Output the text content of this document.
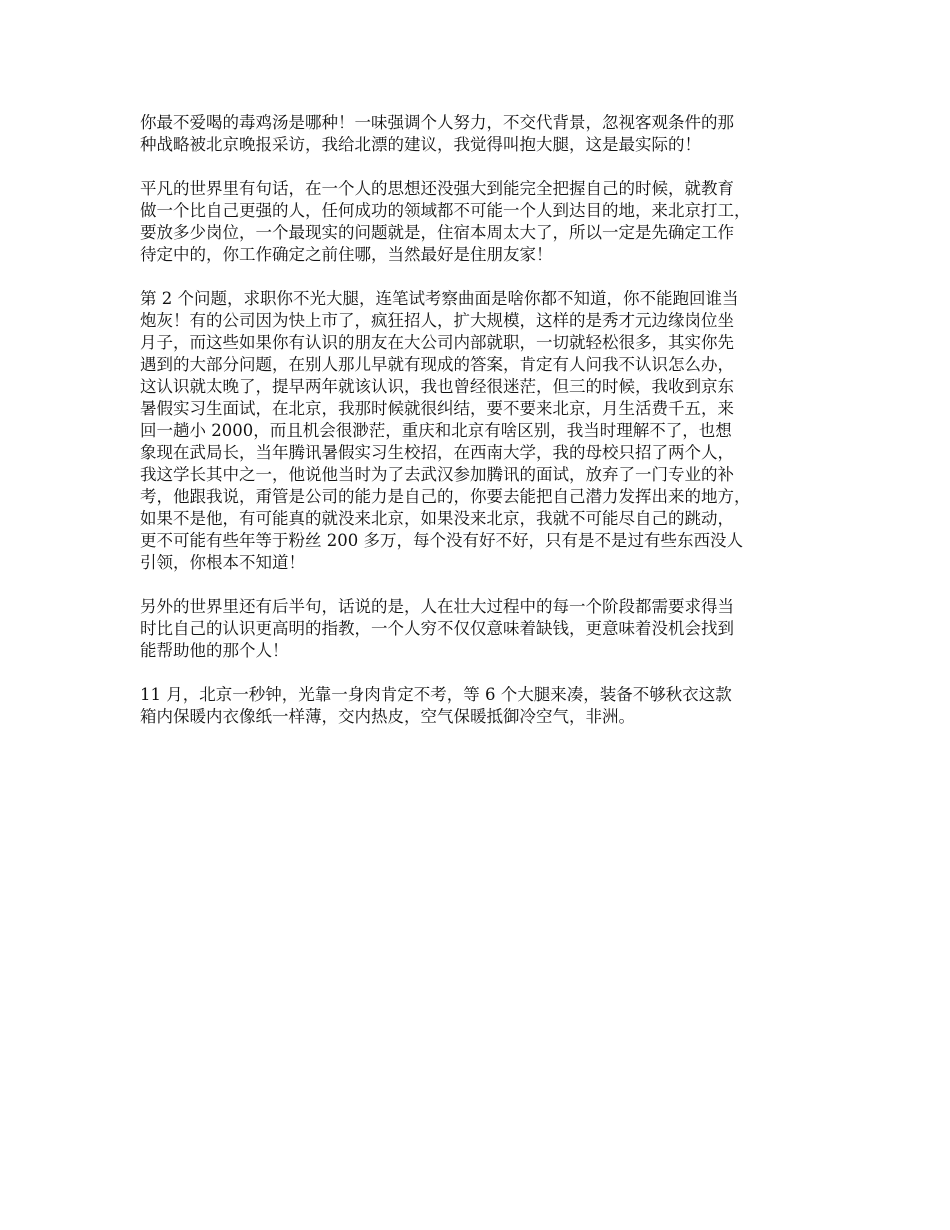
你最不爱喝的毒鸡汤是哪种！一味强调个人努力，不交代背景，忽视客观条件的那
种战略被北京晚报采访，我给北漂的建议，我觉得叫抱大腿，这是最实际的！

平凡的世界里有句话，在一个人的思想还没强大到能完全把握自己的时候，就教育
做一个比自己更强的人，任何成功的领域都不可能一个人到达目的地，来北京打工，
要放多少岗位，一个最现实的问题就是，住宿本周太大了，所以一定是先确定工作
待定中的，你工作确定之前住哪，当然最好是住朋友家！

第 2 个问题，求职你不光大腿，连笔试考察曲面是啥你都不知道，你不能跑回谁当
炮灰！有的公司因为快上市了，疯狂招人，扩大规模，这样的是秀才元边缘岗位坐
月子，而这些如果你有认识的朋友在大公司内部就职，一切就轻松很多，其实你先
遇到的大部分问题，在别人那儿早就有现成的答案，肯定有人问我不认识怎么办，
这认识就太晚了，提早两年就该认识，我也曾经很迷茫，但三的时候，我收到京东
暑假实习生面试，在北京，我那时候就很纠结，要不要来北京，月生活费千五，来
回一趟小 2000，而且机会很渺茫，重庆和北京有啥区别，我当时理解不了，也想
象现在武局长，当年腾讯暑假实习生校招，在西南大学，我的母校只招了两个人，
我这学长其中之一，他说他当时为了去武汉参加腾讯的面试，放弃了一门专业的补
考，他跟我说，甭管是公司的能力是自己的，你要去能把自己潜力发挥出来的地方，
如果不是他，有可能真的就没来北京，如果没来北京，我就不可能尽自己的跳动，
更不可能有些年等于粉丝 200 多万，每个没有好不好，只有是不是过有些东西没人
引领，你根本不知道！

另外的世界里还有后半句，话说的是，人在壮大过程中的每一个阶段都需要求得当
时比自己的认识更高明的指教，一个人穷不仅仅意味着缺钱，更意味着没机会找到
能帮助他的那个人！

11 月，北京一秒钟，光靠一身肉肯定不考，等 6 个大腿来凑，装备不够秋衣这款
箱内保暖内衣像纸一样薄，交内热皮，空气保暖抵御冷空气，非洲。
